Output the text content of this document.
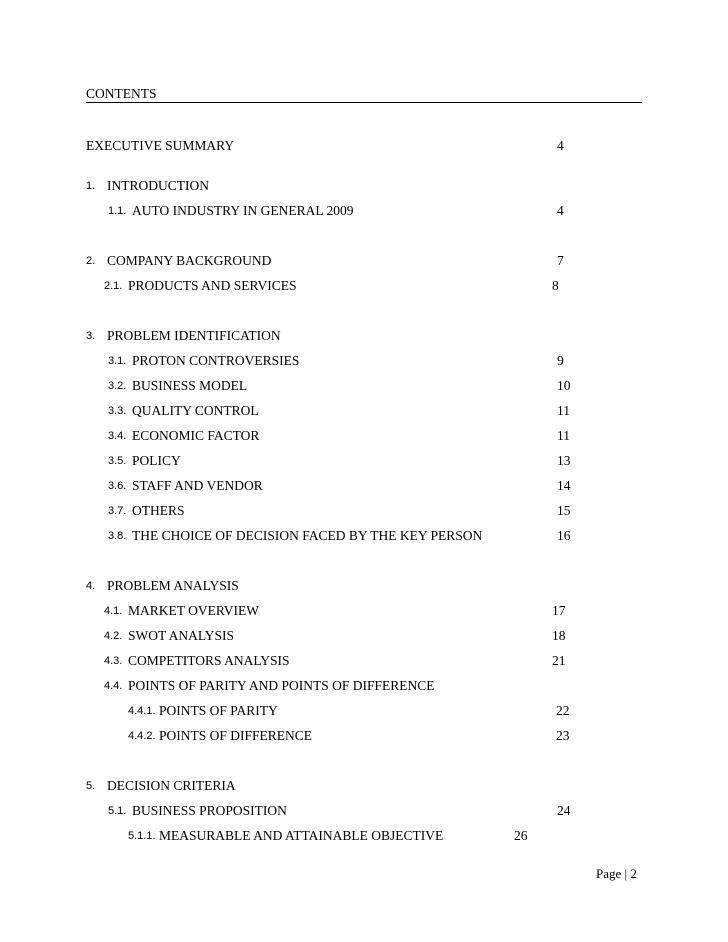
CONTENTS
EXECUTIVE SUMMARY	4
1. INTRODUCTION
1.1. AUTO INDUSTRY IN GENERAL 2009	4
2. COMPANY BACKGROUND	7
2.1. PRODUCTS AND SERVICES	8
3. PROBLEM IDENTIFICATION
3.1. PROTON CONTROVERSIES	9
3.2. BUSINESS MODEL	10
3.3. QUALITY CONTROL	11
3.4. ECONOMIC FACTOR	11
3.5. POLICY	13
3.6. STAFF AND VENDOR	14
3.7. OTHERS	15
3.8. THE CHOICE OF DECISION FACED BY THE KEY PERSON	16
4. PROBLEM ANALYSIS
4.1. MARKET OVERVIEW	17
4.2. SWOT ANALYSIS	18
4.3. COMPETITORS ANALYSIS	21
4.4. POINTS OF PARITY AND POINTS OF DIFFERENCE
4.4.1. POINTS OF PARITY	22
4.4.2. POINTS OF DIFFERENCE	23
5. DECISION CRITERIA
5.1. BUSINESS PROPOSITION	24
5.1.1. MEASURABLE AND ATTAINABLE OBJECTIVE	26
Page | 2
